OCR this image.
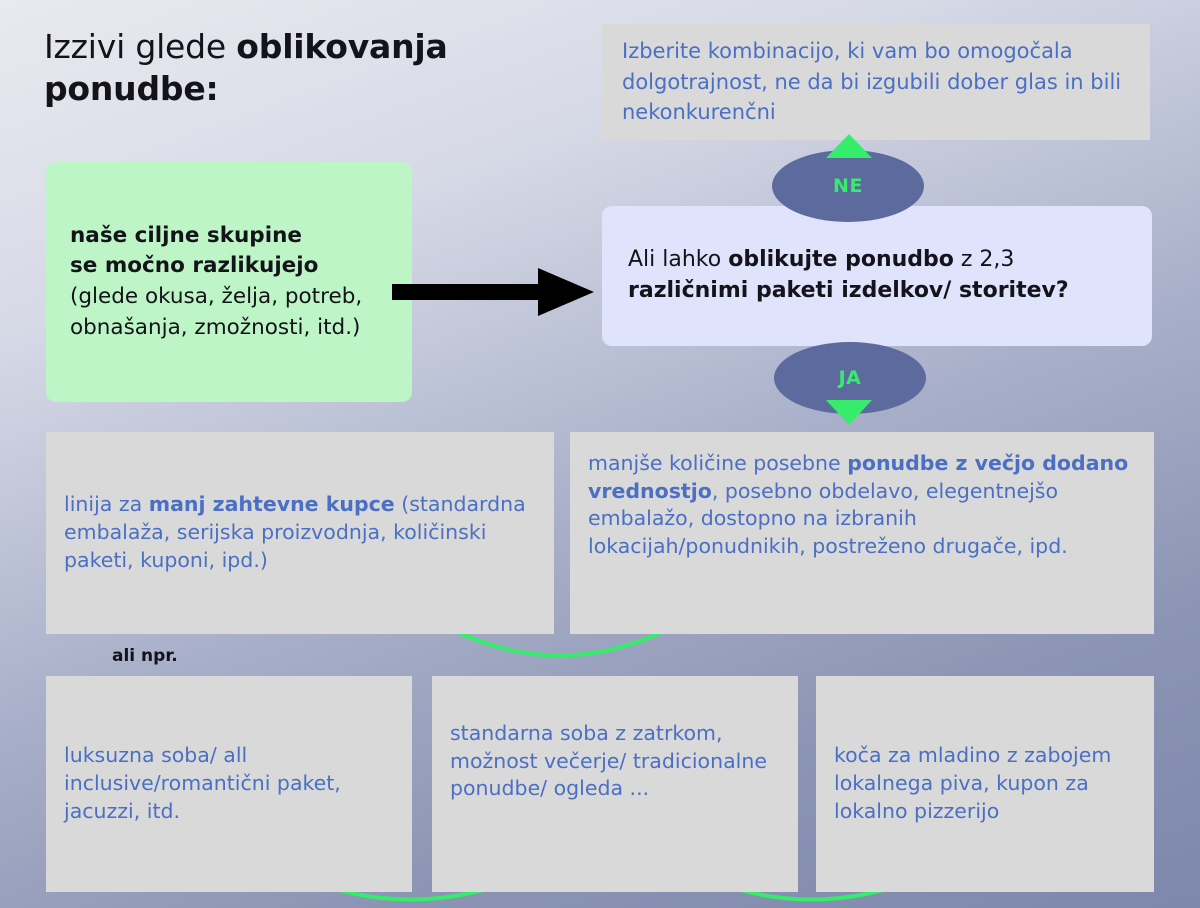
Izzivi glede oblikovanja
ponudbe:
Izberite kombinacijo, ki vam bo omogočala dolgotrajnost, ne da bi izgubili dober glas in bili nekonkurenčni
naše ciljne skupine
se močno razlikujejo
(glede okusa, želja, potreb, obnašanja, zmožnosti, itd.)
Ali lahko oblikujte ponudbo z 2,3 različnimi paketi izdelkov/ storitev?
NE
JA
linija za manj zahtevne kupce (standardna embalaža, serijska proizvodnja, količinski paketi, kuponi, ipd.)
manjše količine posebne ponudbe z večjo dodano vrednostjo, posebno obdelavo, elegentnejšo embalažo, dostopno na izbranih lokacijah/ponudnikih, postreženo drugače, ipd.
ali npr.
luksuzna soba/ all inclusive/romantični paket, jacuzzi, itd.
standarna soba z zatrkom, možnost večerje/ tradicionalne ponudbe/ ogleda ...
koča za mladino z zabojem lokalnega piva, kupon za lokalno pizzerijo
